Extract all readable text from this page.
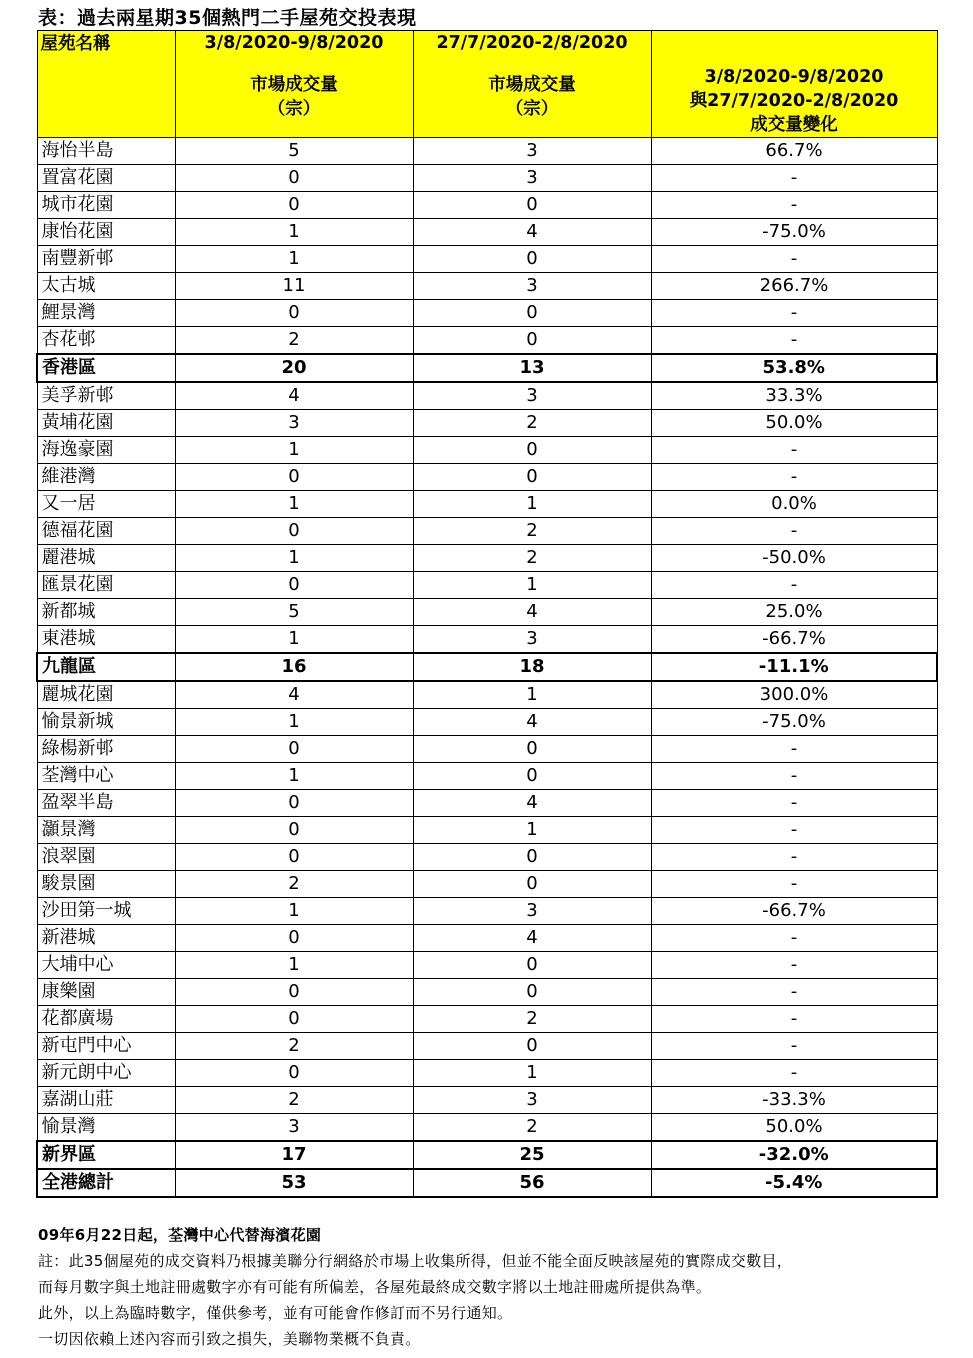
表：過去兩星期35個熱門二手屋苑交投表現
屋苑名稱	3/8/2020-9/8/2020
市場成交量
（宗）	27/7/2020-2/8/2020
市場成交量
（宗）	3/8/2020-9/8/2020
與27/7/2020-2/8/2020
成交量變化

海怡半島	5	3	66.7%
置富花園	0	3	-
城市花園	0	0	-
康怡花園	1	4	-75.0%
南豐新邨	1	0	-
太古城	11	3	266.7%
鯉景灣	0	0	-
杏花邨	2	0	-
香港區	20	13	53.8%
美孚新邨	4	3	33.3%
黃埔花園	3	2	50.0%
海逸豪園	1	0	-
維港灣	0	0	-
又一居	1	1	0.0%
德福花園	0	2	-
麗港城	1	2	-50.0%
匯景花園	0	1	-
新都城	5	4	25.0%
東港城	1	3	-66.7%
九龍區	16	18	-11.1%
麗城花園	4	1	300.0%
愉景新城	1	4	-75.0%
綠楊新邨	0	0	-
荃灣中心	1	0	-
盈翠半島	0	4	-
灝景灣	0	1	-
浪翠園	0	0	-
駿景園	2	0	-
沙田第一城	1	3	-66.7%
新港城	0	4	-
大埔中心	1	0	-
康樂園	0	0	-
花都廣場	0	2	-
新屯門中心	2	0	-
新元朗中心	0	1	-
嘉湖山莊	2	3	-33.3%
愉景灣	3	2	50.0%
新界區	17	25	-32.0%
全港總計	53	56	-5.4%
09年6月22日起，荃灣中心代替海濱花園
註：此35個屋苑的成交資料乃根據美聯分行網絡於市場上收集所得，但並不能全面反映該屋苑的實際成交數目，
而每月數字與土地註冊處數字亦有可能有所偏差，各屋苑最終成交數字將以土地註冊處所提供為準。
此外，以上為臨時數字，僅供參考，並有可能會作修訂而不另行通知。
一切因依賴上述內容而引致之損失，美聯物業概不負責。
